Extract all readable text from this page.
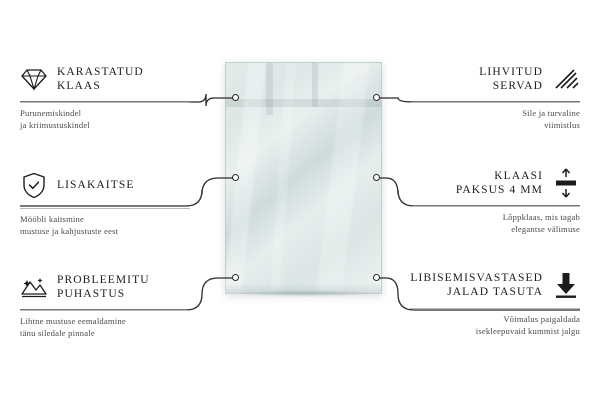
KARASTATUD
KLAAS
Purunemiskindel
ja kriimustuskindel
LISAKAITSE
Mööbli kaitsmine
mustuse ja kahjustuste eest
PROBLEEMITU
PUHASTUS
Lihtne mustuse eemaldamine
tänu siledale pinnale
LIHVITUD
SERVAD
Sile ja turvaline
viimistlus
KLAASI
PAKSUS 4 MM
Lõppklaas, mis tagab
elegantse välimuse
LIBISEMISVASTASED
JALAD TASUTA
Võimalus paigaldada
isekleepuvaid kummist jalgu
